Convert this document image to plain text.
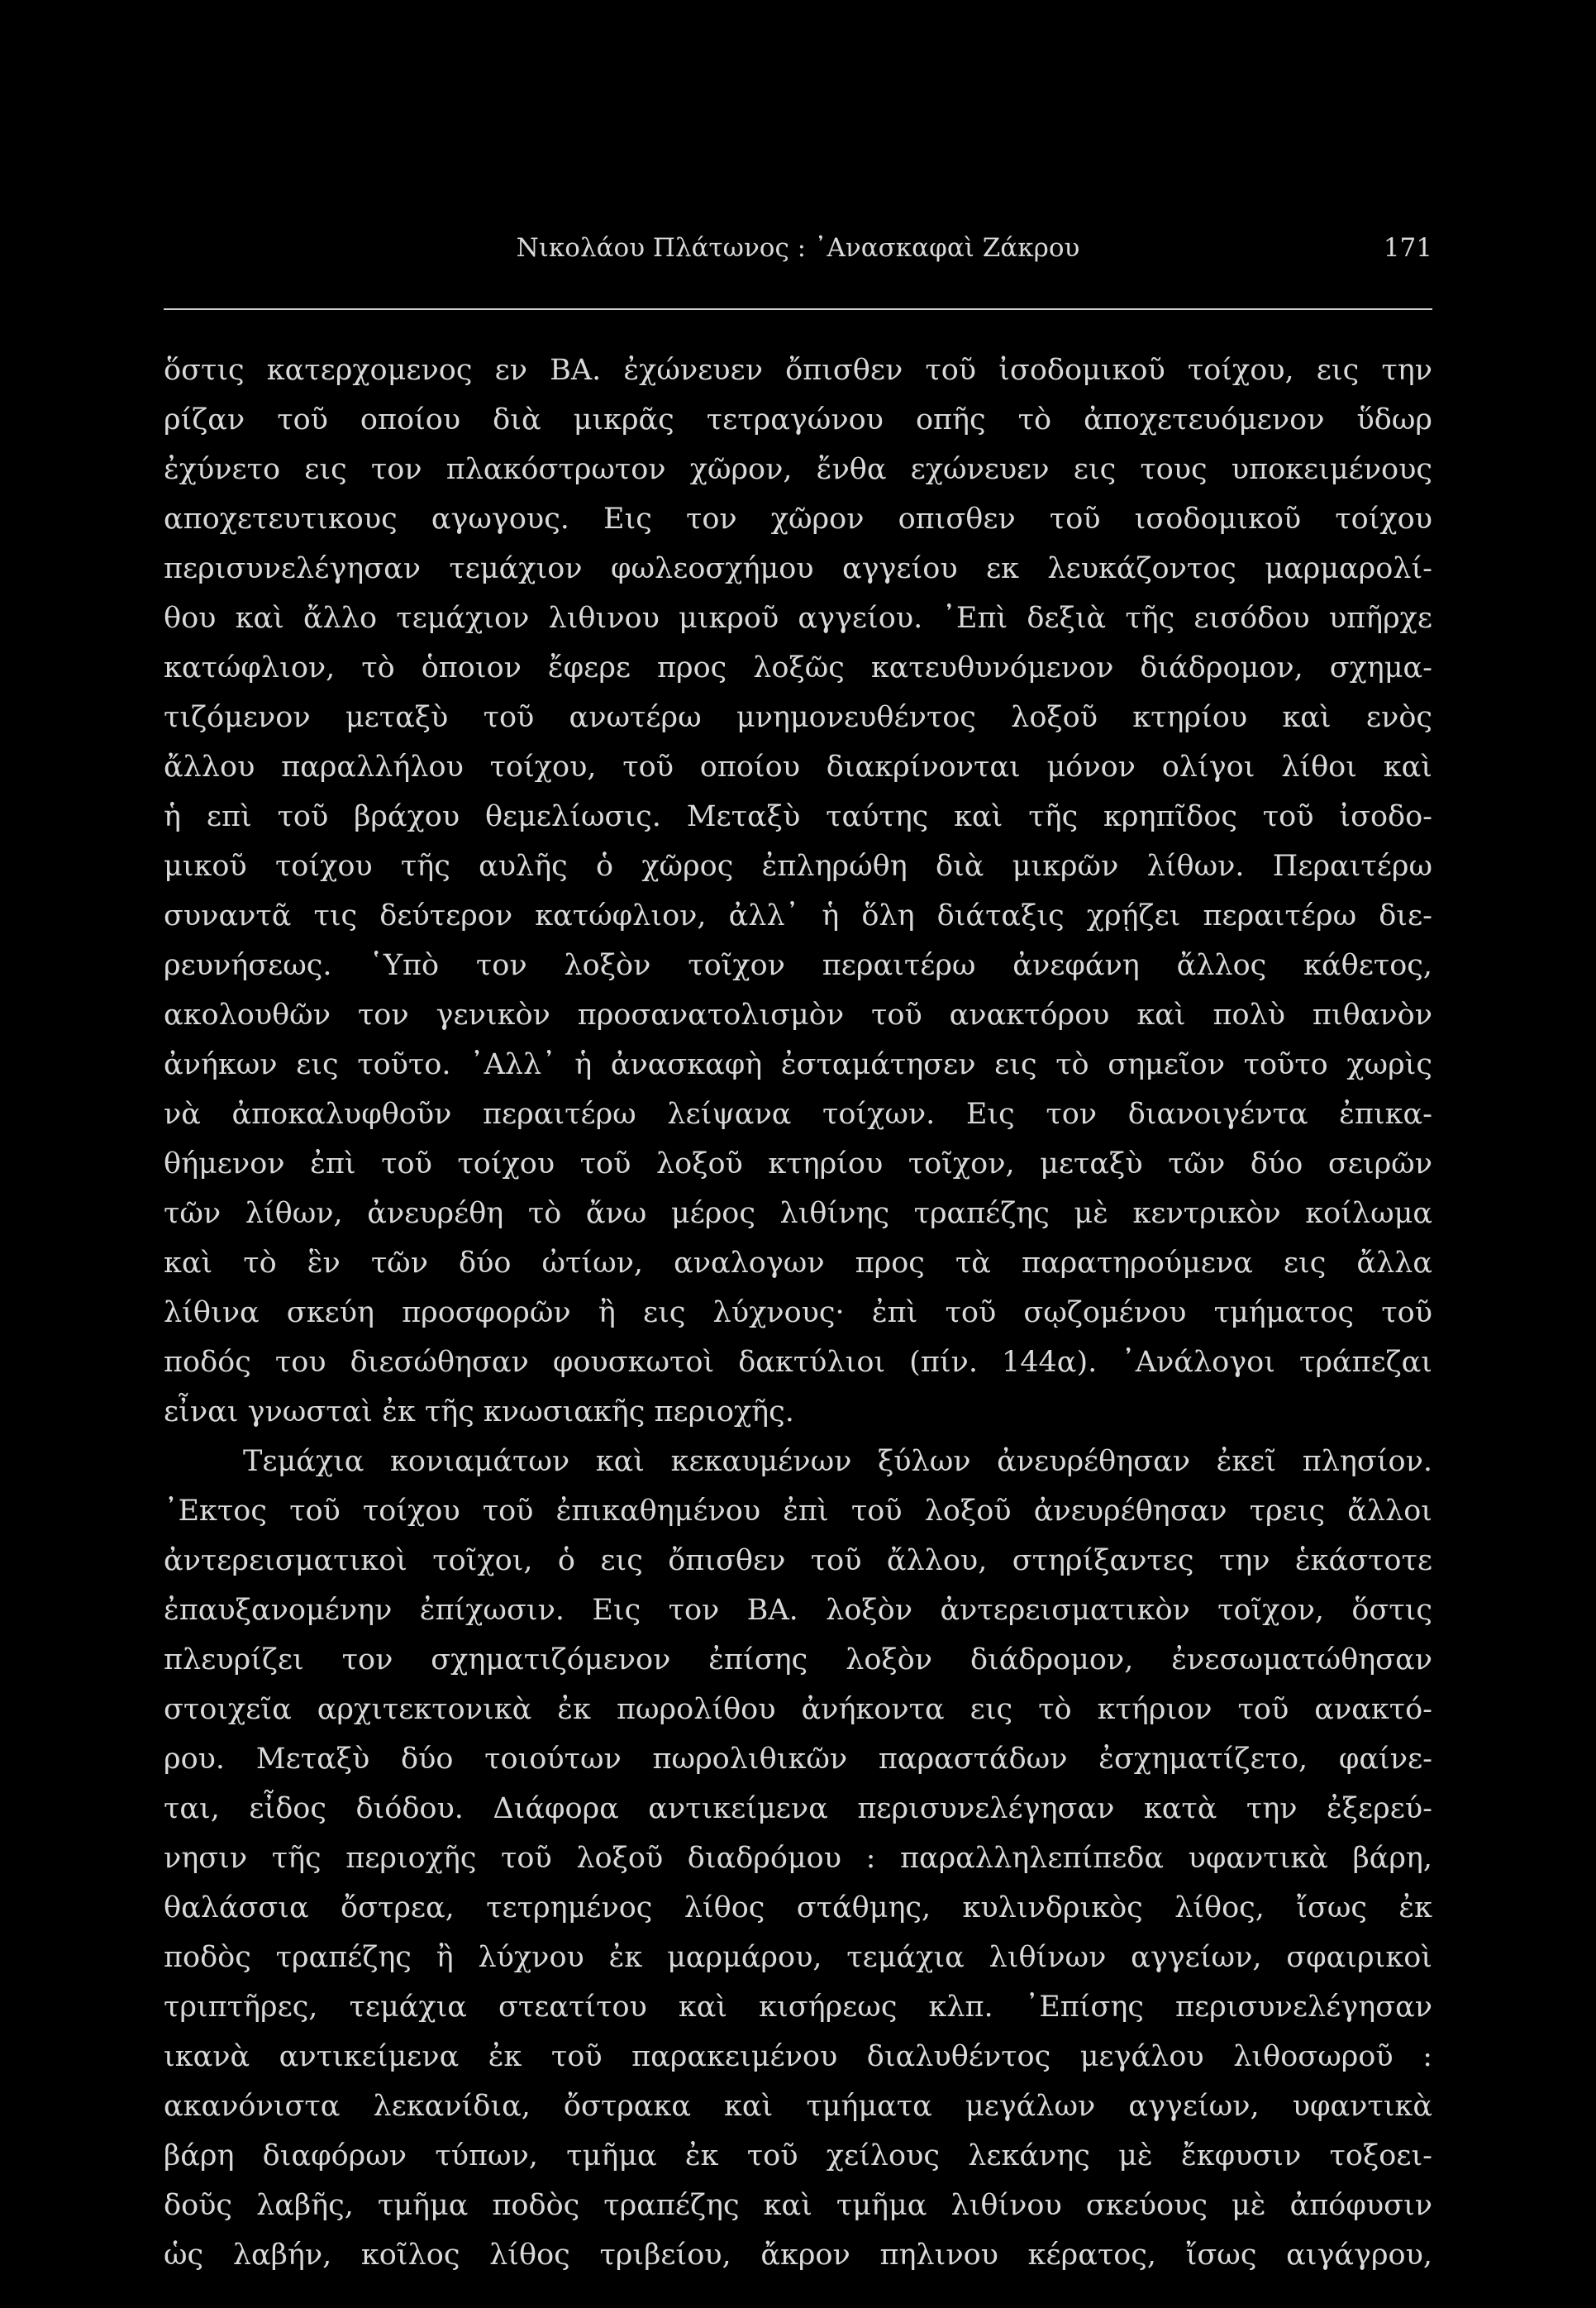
Νικολάου Πλάτωνος : ᾿Ανασκαφαὶ Ζάκρου	171
ὅστις κατερχομενος εν ΒΑ. ἐχώνευεν ὄπισθεν τοῦ ἰσοδομικοῦ τοίχου, εις την
ρίζαν τοῦ οποίου διὰ μικρᾶς τετραγώνου οπῆς τὸ ἀποχετευόμενον ὕδωρ
ἐχύνετο εις τον πλακόστρωτον χῶρον, ἔνθα εχώνευεν εις τους υποκειμένους
αποχετευτικους αγωγους. Εις τον χῶρον οπισθεν τοῦ ισοδομικοῦ τοίχου
περισυνελέγησαν τεμάχιον φωλεοσχήμου αγγείου εκ λευκάζοντος μαρμαρολί-
θου καὶ ἄλλο τεμάχιον λιθινου μικροῦ αγγείου. ᾿Επὶ δεξιὰ τῆς εισόδου υπῆρχε
κατώφλιον, τὸ ὁποιον ἔφερε προς λοξῶς κατευθυνόμενον διάδρομον, σχημα-
τιζόμενον μεταξὺ τοῦ ανωτέρω μνημονευθέντος λοξοῦ κτηρίου καὶ ενὸς
ἄλλου παραλλήλου τοίχου, τοῦ οποίου διακρίνονται μόνον ολίγοι λίθοι καὶ
ἡ επὶ τοῦ βράχου θεμελίωσις. Μεταξὺ ταύτης καὶ τῆς κρηπῖδος τοῦ ἰσοδο-
μικοῦ τοίχου τῆς αυλῆς ὁ χῶρος ἐπληρώθη διὰ μικρῶν λίθων. Περαιτέρω
συναντᾶ τις δεύτερον κατώφλιον, ἀλλ᾿ ἡ ὅλη διάταξις χρῄζει περαιτέρω διε-
ρευνήσεως. ῾Υπὸ τον λοξὸν τοῖχον περαιτέρω ἀνεφάνη ἄλλος κάθετος,
ακολουθῶν τον γενικὸν προσανατολισμὸν τοῦ ανακτόρου καὶ πολὺ πιθανὸν
ἀνήκων εις τοῦτο. ᾿Αλλ᾿ ἡ ἀνασκαφὴ ἐσταμάτησεν εις τὸ σημεῖον τοῦτο χωρὶς
νὰ ἀποκαλυφθοῦν περαιτέρω λείψανα τοίχων. Εις τον διανοιγέντα ἐπικα-
θήμενον ἐπὶ τοῦ τοίχου τοῦ λοξοῦ κτηρίου τοῖχον, μεταξὺ τῶν δύο σειρῶν
τῶν λίθων, ἀνευρέθη τὸ ἄνω μέρος λιθίνης τραπέζης μὲ κεντρικὸν κοίλωμα
καὶ τὸ ἓν τῶν δύο ὠτίων, αναλογων προς τὰ παρατηρούμενα εις ἄλλα
λίθινα σκεύη προσφορῶν ἢ εις λύχνους· ἐπὶ τοῦ σῳζομένου τμήματος τοῦ
ποδός του διεσώθησαν φουσκωτοὶ δακτύλιοι (πίν. 144α). ᾿Ανάλογοι τράπεζαι
εἶναι γνωσταὶ ἐκ τῆς κνωσιακῆς περιοχῆς.
Τεμάχια κονιαμάτων καὶ κεκαυμένων ξύλων ἀνευρέθησαν ἐκεῖ πλησίον.
᾿Εκτος τοῦ τοίχου τοῦ ἐπικαθημένου ἐπὶ τοῦ λοξοῦ ἀνευρέθησαν τρεις ἄλλοι
ἀντερεισματικοὶ τοῖχοι, ὁ εις ὄπισθεν τοῦ ἄλλου, στηρίξαντες την ἑκάστοτε
ἐπαυξανομένην ἐπίχωσιν. Εις τον ΒΑ. λοξὸν ἀντερεισματικὸν τοῖχον, ὅστις
πλευρίζει τον σχηματιζόμενον ἐπίσης λοξὸν διάδρομον, ἐνεσωματώθησαν
στοιχεῖα αρχιτεκτονικὰ ἐκ πωρολίθου ἀνήκοντα εις τὸ κτήριον τοῦ ανακτό-
ρου. Μεταξὺ δύο τοιούτων πωρολιθικῶν παραστάδων ἐσχηματίζετο, φαίνε-
ται, εἶδος διόδου. Διάφορα αντικείμενα περισυνελέγησαν κατὰ την ἐξερεύ-
νησιν τῆς περιοχῆς τοῦ λοξοῦ διαδρόμου : παραλληλεπίπεδα υφαντικὰ βάρη,
θαλάσσια ὄστρεα, τετρημένος λίθος στάθμης, κυλινδρικὸς λίθος, ἴσως ἐκ
ποδὸς τραπέζης ἢ λύχνου ἐκ μαρμάρου, τεμάχια λιθίνων αγγείων, σφαιρικοὶ
τριπτῆρες, τεμάχια στεατίτου καὶ κισήρεως κλπ. ᾿Επίσης περισυνελέγησαν
ικανὰ αντικείμενα ἐκ τοῦ παρακειμένου διαλυθέντος μεγάλου λιθοσωροῦ :
ακανόνιστα λεκανίδια, ὄστρακα καὶ τμήματα μεγάλων αγγείων, υφαντικὰ
βάρη διαφόρων τύπων, τμῆμα ἐκ τοῦ χείλους λεκάνης μὲ ἔκφυσιν τοξοει-
δοῦς λαβῆς, τμῆμα ποδὸς τραπέζης καὶ τμῆμα λιθίνου σκεύους μὲ ἀπόφυσιν
ὡς λαβήν, κοῖλος λίθος τριβείου, ἄκρον πηλινου κέρατος, ἴσως αιγάγρου,
